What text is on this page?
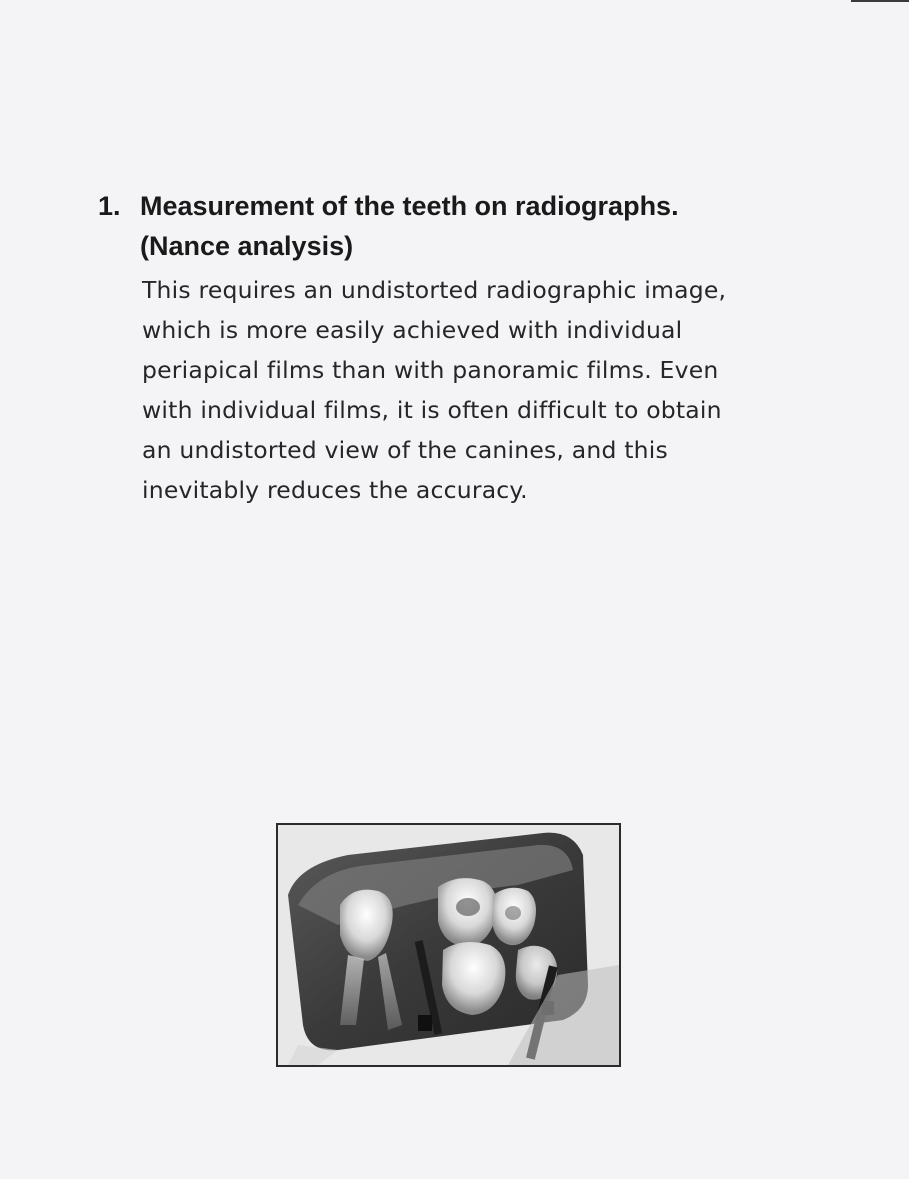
1. Measurement of the teeth on radiographs.
(Nance analysis)
This requires an undistorted radiographic image,
which is more easily achieved with individual
periapical films than with panoramic films. Even
with individual films, it is often difficult to obtain
an undistorted view of the canines, and this
inevitably reduces the accuracy.
